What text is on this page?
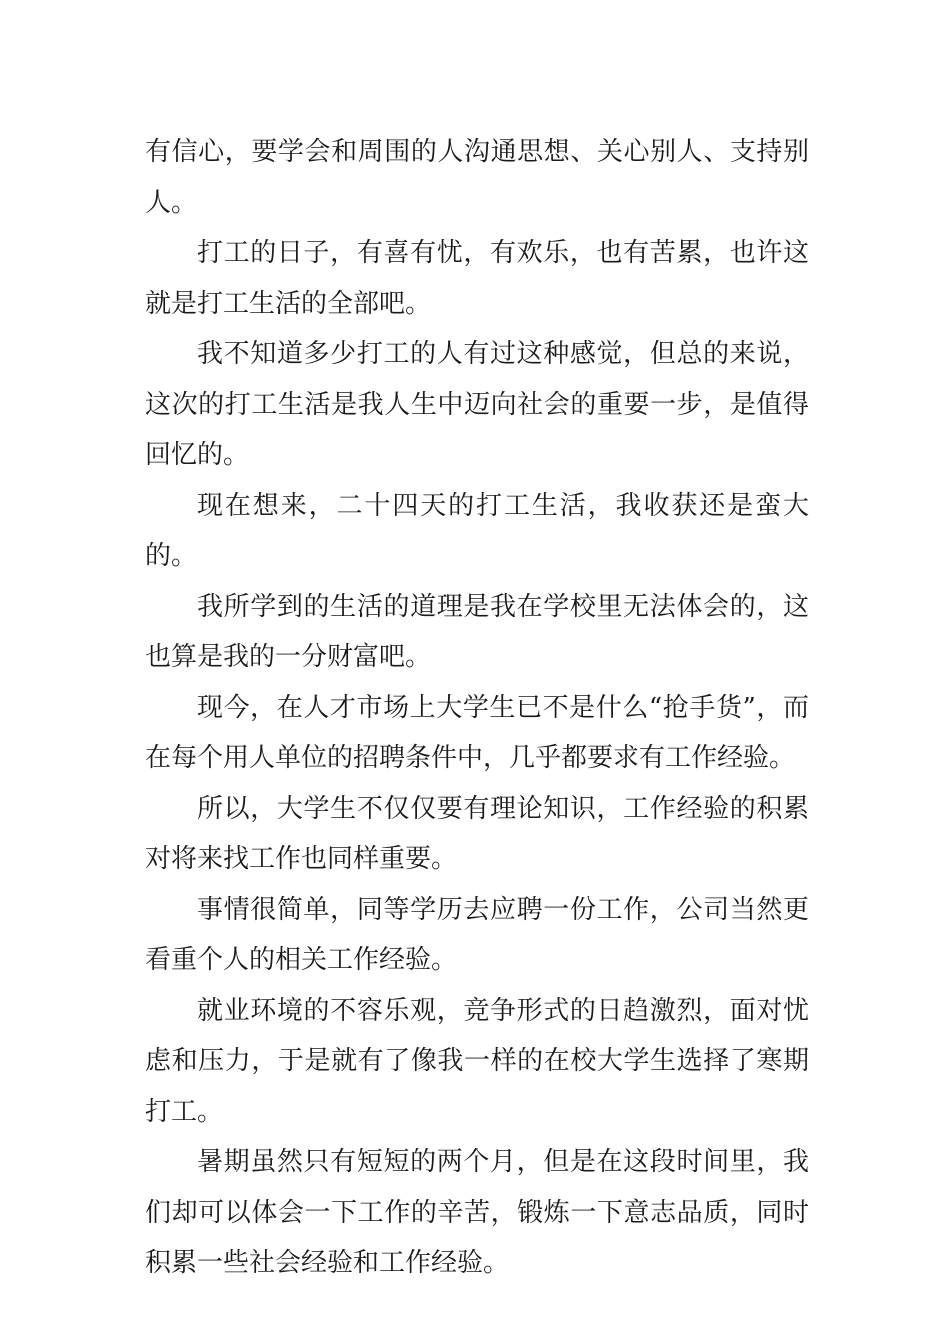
有信心，要学会和周围的人沟通思想、关心别人、支持别人。

打工的日子，有喜有忧，有欢乐，也有苦累，也许这就是打工生活的全部吧。

我不知道多少打工的人有过这种感觉，但总的来说，这次的打工生活是我人生中迈向社会的重要一步，是值得回忆的。

现在想来，二十四天的打工生活，我收获还是蛮大的。

我所学到的生活的道理是我在学校里无法体会的，这也算是我的一分财富吧。

现今，在人才市场上大学生已不是什么“抢手货”，而在每个用人单位的招聘条件中，几乎都要求有工作经验。

所以，大学生不仅仅要有理论知识，工作经验的积累对将来找工作也同样重要。

事情很简单，同等学历去应聘一份工作，公司当然更看重个人的相关工作经验。

就业环境的不容乐观，竞争形式的日趋激烈，面对忧虑和压力，于是就有了像我一样的在校大学生选择了寒期打工。

暑期虽然只有短短的两个月，但是在这段时间里，我们却可以体会一下工作的辛苦，锻炼一下意志品质，同时积累一些社会经验和工作经验。
